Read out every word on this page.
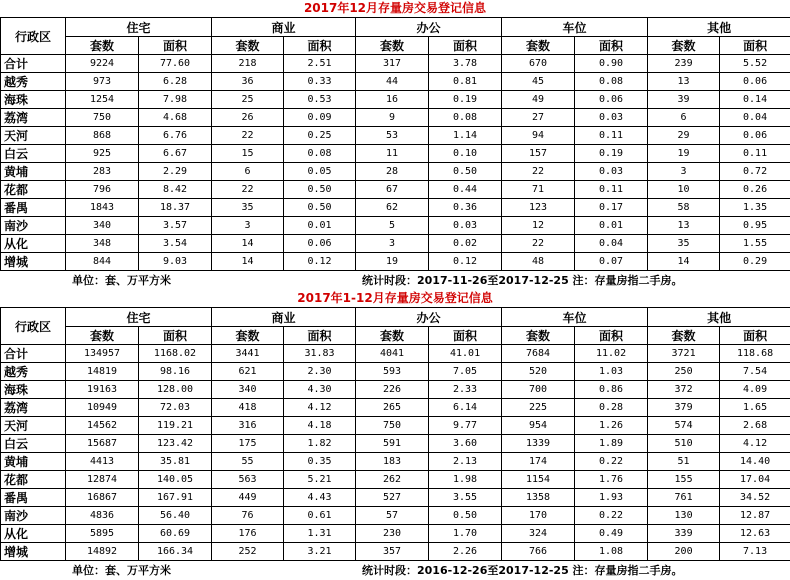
2017年12月存量房交易登记信息
行政区	住宅		商业		办公		车位		其他	
	套数	面积	套数	面积	套数	面积	套数	面积	套数	面积
合计	9224	77.60	218	2.51	317	3.78	670	0.90	239	5.52
越秀	973	6.28	36	0.33	44	0.81	45	0.08	13	0.06
海珠	1254	7.98	25	0.53	16	0.19	49	0.06	39	0.14
荔湾	750	4.68	26	0.09	9	0.08	27	0.03	6	0.04
天河	868	6.76	22	0.25	53	1.14	94	0.11	29	0.06
白云	925	6.67	15	0.08	11	0.10	157	0.19	19	0.11
黄埔	283	2.29	6	0.05	28	0.50	22	0.03	3	0.72
花都	796	8.42	22	0.50	67	0.44	71	0.11	10	0.26
番禺	1843	18.37	35	0.50	62	0.36	123	0.17	58	1.35
南沙	340	3.57	3	0.01	5	0.03	12	0.01	13	0.95
从化	348	3.54	14	0.06	3	0.02	22	0.04	35	1.55
增城	844	9.03	14	0.12	19	0.12	48	0.07	14	0.29
单位：套、万平方米	统计时段：2017-11-26至2017-12-25 注：存量房指二手房。
2017年1-12月存量房交易登记信息
行政区	住宅		商业		办公		车位		其他	
	套数	面积	套数	面积	套数	面积	套数	面积	套数	面积
合计	134957	1168.02	3441	31.83	4041	41.01	7684	11.02	3721	118.68
越秀	14819	98.16	621	2.30	593	7.05	520	1.03	250	7.54
海珠	19163	128.00	340	4.30	226	2.33	700	0.86	372	4.09
荔湾	10949	72.03	418	4.12	265	6.14	225	0.28	379	1.65
天河	14562	119.21	316	4.18	750	9.77	954	1.26	574	2.68
白云	15687	123.42	175	1.82	591	3.60	1339	1.89	510	4.12
黄埔	4413	35.81	55	0.35	183	2.13	174	0.22	51	14.40
花都	12874	140.05	563	5.21	262	1.98	1154	1.76	155	17.04
番禺	16867	167.91	449	4.43	527	3.55	1358	1.93	761	34.52
南沙	4836	56.40	76	0.61	57	0.50	170	0.22	130	12.87
从化	5895	60.69	176	1.31	230	1.70	324	0.49	339	12.63
增城	14892	166.34	252	3.21	357	2.26	766	1.08	200	7.13
单位：套、万平方米	统计时段：2016-12-26至2017-12-25 注：存量房指二手房。
